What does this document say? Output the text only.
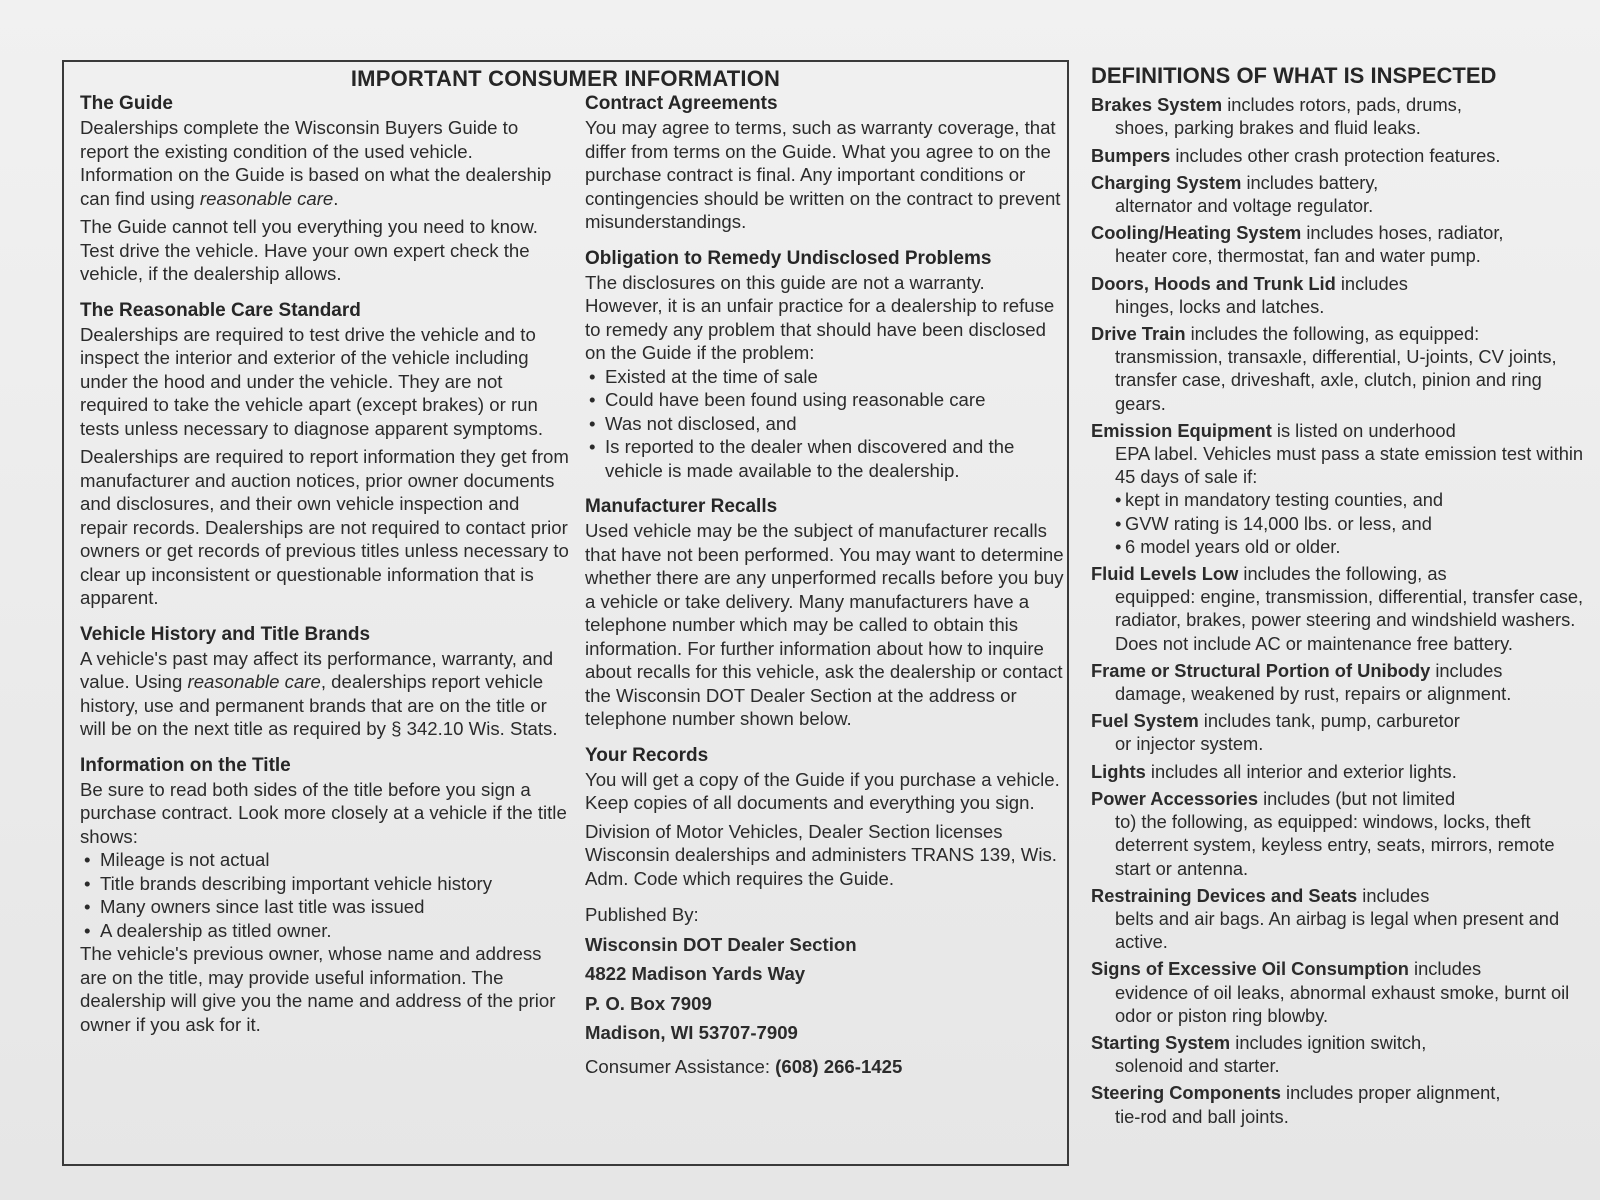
IMPORTANT CONSUMER INFORMATION
The Guide

Dealerships complete the Wisconsin Buyers Guide to report the existing condition of the used vehicle. Information on the Guide is based on what the dealership can find using reasonable care.

The Guide cannot tell you everything you need to know. Test drive the vehicle. Have your own expert check the vehicle, if the dealership allows.

The Reasonable Care Standard

Dealerships are required to test drive the vehicle and to inspect the interior and exterior of the vehicle including under the hood and under the vehicle. They are not required to take the vehicle apart (except brakes) or run tests unless necessary to diagnose apparent symptoms.

Dealerships are required to report information they get from manufacturer and auction notices, prior owner documents and disclosures, and their own vehicle inspection and repair records. Dealerships are not required to contact prior owners or get records of previous titles unless necessary to clear up inconsistent or questionable information that is apparent.

Vehicle History and Title Brands

A vehicle's past may affect its performance, warranty, and value. Using reasonable care, dealerships report vehicle history, use and permanent brands that are on the title or will be on the next title as required by § 342.10 Wis. Stats.

Information on the Title

Be sure to read both sides of the title before you sign a purchase contract. Look more closely at a vehicle if the title shows:

• Mileage is not actual
• Title brands describing important vehicle history
• Many owners since last title was issued
• A dealership as titled owner.

The vehicle's previous owner, whose name and address are on the title, may provide useful information. The dealership will give you the name and address of the prior owner if you ask for it.

Contract Agreements

You may agree to terms, such as warranty coverage, that differ from terms on the Guide. What you agree to on the purchase contract is final. Any important conditions or contingencies should be written on the contract to prevent misunderstandings.

Obligation to Remedy Undisclosed Problems

The disclosures on this guide are not a warranty. However, it is an unfair practice for a dealership to refuse to remedy any problem that should have been disclosed on the Guide if the problem:

• Existed at the time of sale
• Could have been found using reasonable care
• Was not disclosed, and
• Is reported to the dealer when discovered and the vehicle is made available to the dealership.
Manufacturer Recalls

Used vehicle may be the subject of manufacturer recalls that have not been performed. You may want to determine whether there are any unperformed recalls before you buy a vehicle or take delivery. Many manufacturers have a telephone number which may be called to obtain this information. For further information about how to inquire about recalls for this vehicle, ask the dealership or contact the Wisconsin DOT Dealer Section at the address or telephone number shown below.

Your Records

You will get a copy of the Guide if you purchase a vehicle. Keep copies of all documents and everything you sign.

Division of Motor Vehicles, Dealer Section licenses Wisconsin dealerships and administers TRANS 139, Wis. Adm. Code which requires the Guide.

Published By:

Wisconsin DOT Dealer Section

4822 Madison Yards Way

P. O. Box 7909

Madison, WI 53707-7909

Consumer Assistance: (608) 266-1425

DEFINITIONS OF WHAT IS INSPECTED
Brakes System includes rotors, pads, drums,
shoes, parking brakes and fluid leaks.
Bumpers includes other crash protection features.
Charging System includes battery,
alternator and voltage regulator.
Cooling/Heating System includes hoses, radiator,
heater core, thermostat, fan and water pump.
Doors, Hoods and Trunk Lid includes
hinges, locks and latches.
Drive Train includes the following, as equipped:
transmission, transaxle, differential, U-joints, CV joints, transfer case, driveshaft, axle, clutch, pinion and ring gears.
Emission Equipment is listed on underhood
EPA label. Vehicles must pass a state emission test within 45 days of sale if:
• kept in mandatory testing counties, and
• GVW rating is 14,000 lbs. or less, and
• 6 model years old or older.
Fluid Levels Low includes the following, as
equipped: engine, transmission, differential, transfer case, radiator, brakes, power steering and windshield washers. Does not include AC or maintenance free battery.
Frame or Structural Portion of Unibody includes
damage, weakened by rust, repairs or alignment.
Fuel System includes tank, pump, carburetor
or injector system.
Lights includes all interior and exterior lights.
Power Accessories includes (but not limited
to) the following, as equipped: windows, locks, theft deterrent system, keyless entry, seats, mirrors, remote start or antenna.
Restraining Devices and Seats includes
belts and air bags. An airbag is legal when present and active.
Signs of Excessive Oil Consumption includes
evidence of oil leaks, abnormal exhaust smoke, burnt oil odor or piston ring blowby.
Starting System includes ignition switch,
solenoid and starter.
Steering Components includes proper alignment,
tie-rod and ball joints.
